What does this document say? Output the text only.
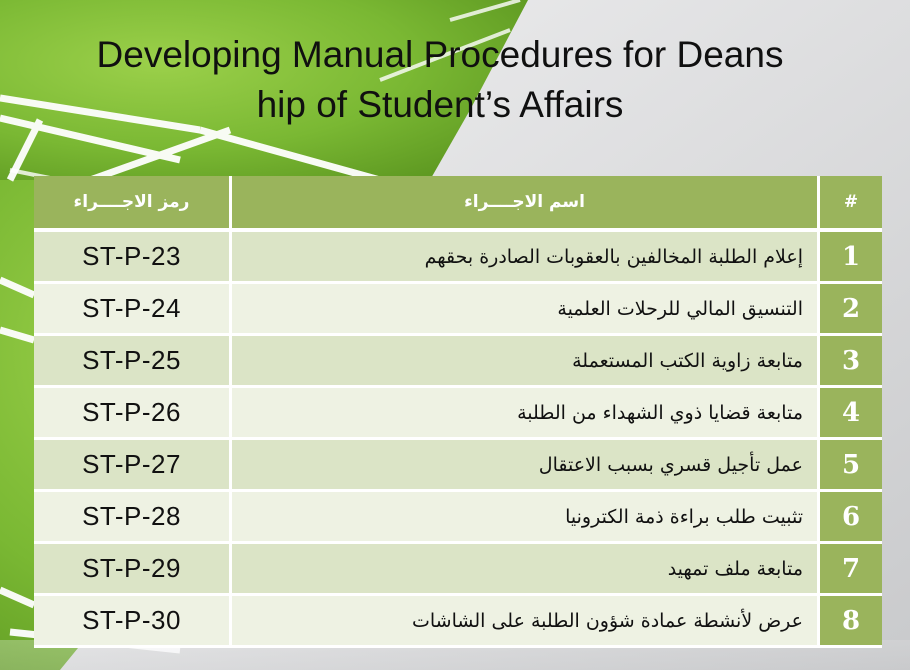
Developing Manual Procedures for Deans
hip of Student’s Affairs
رمز الاجــــراء	اسم الاجــــراء	#
ST-P-23	إعلام الطلبة المخالفين بالعقوبات الصادرة بحقهم	1
ST-P-24	التنسيق المالي للرحلات العلمية	2
ST-P-25	متابعة زاوية الكتب المستعملة	3
ST-P-26	متابعة قضايا ذوي الشهداء من الطلبة	4
ST-P-27	عمل تأجيل قسري بسبب الاعتقال	5
ST-P-28	تثبيت طلب براءة ذمة الكترونيا	6
ST-P-29	متابعة ملف تمهيد	7
ST-P-30	عرض لأنشطة عمادة شؤون الطلبة على الشاشات	8
